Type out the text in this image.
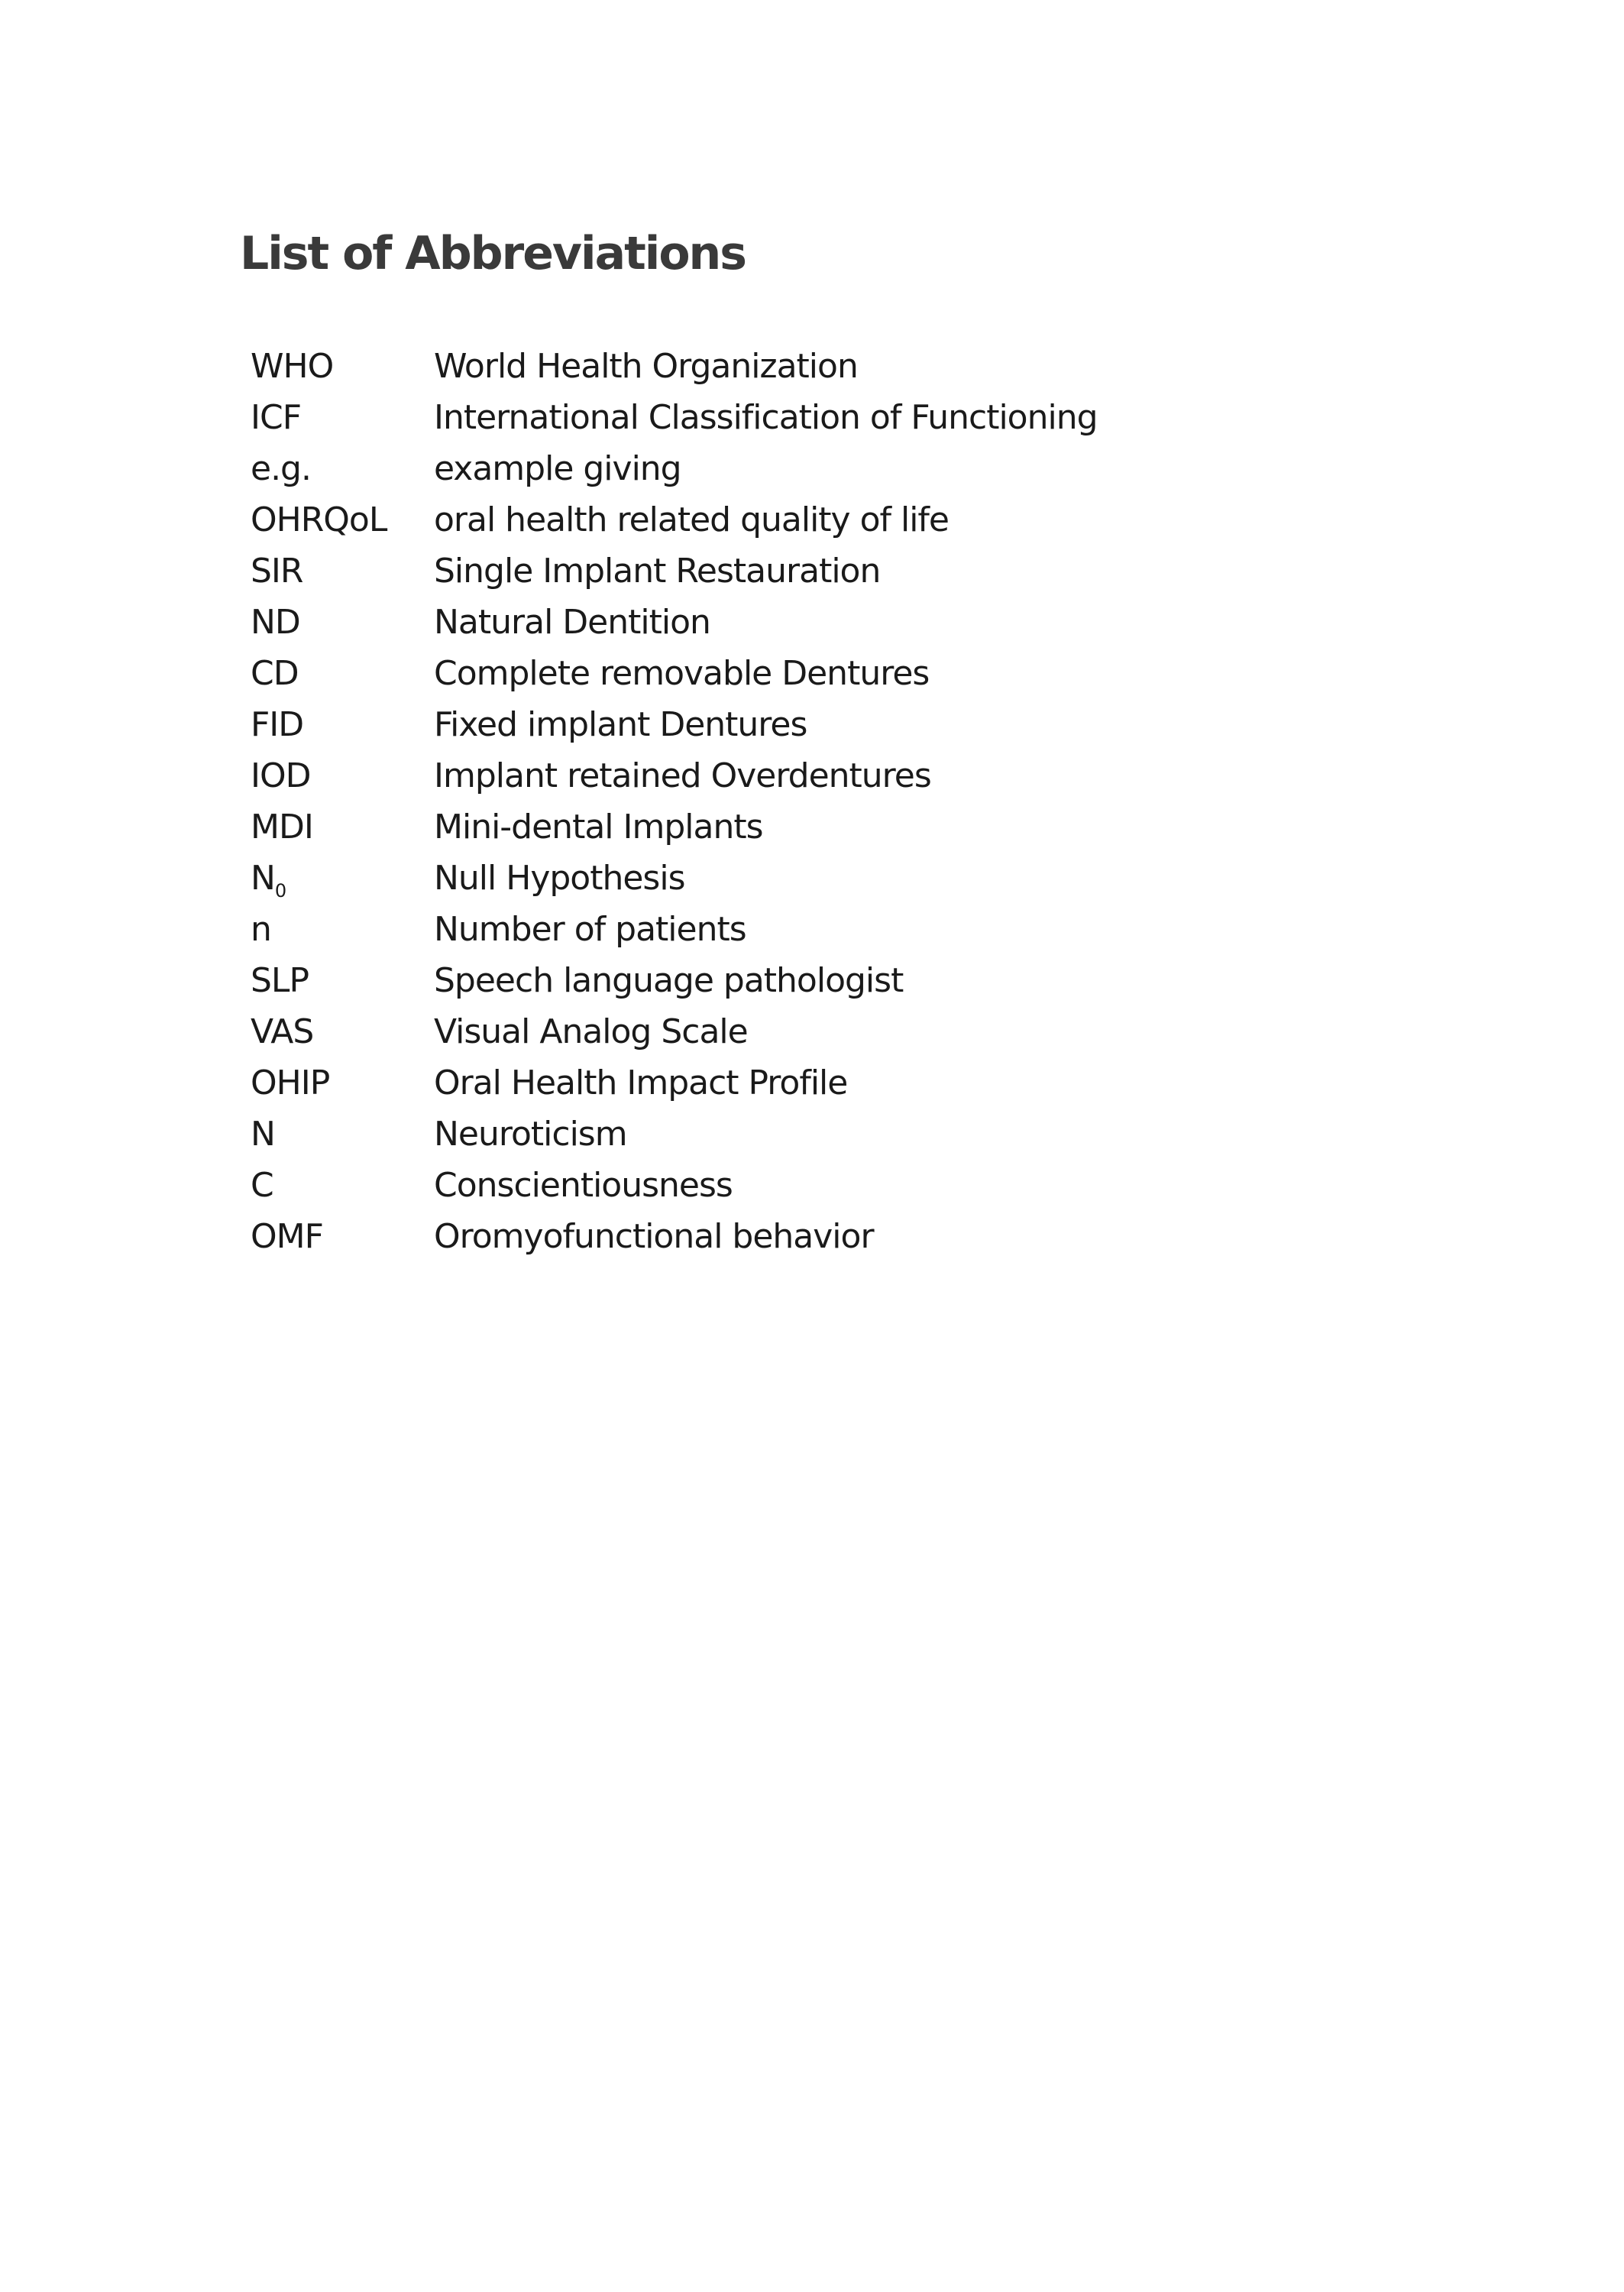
List of Abbreviations
WHO	World Health Organization
ICF	International Classification of Functioning
e.g.	example giving
OHRQoL	oral health related quality of life
SIR	Single Implant Restauration
ND	Natural Dentition
CD	Complete removable Dentures
FID	Fixed implant Dentures
IOD	Implant retained Overdentures
MDI	Mini-dental Implants
$N_0$	Null Hypothesis
n	Number of patients
SLP	Speech language pathologist
VAS	Visual Analog Scale
OHIP	Oral Health Impact Profile
N	Neuroticism
C	Conscientiousness
OMF	Oromyofunctional behavior
